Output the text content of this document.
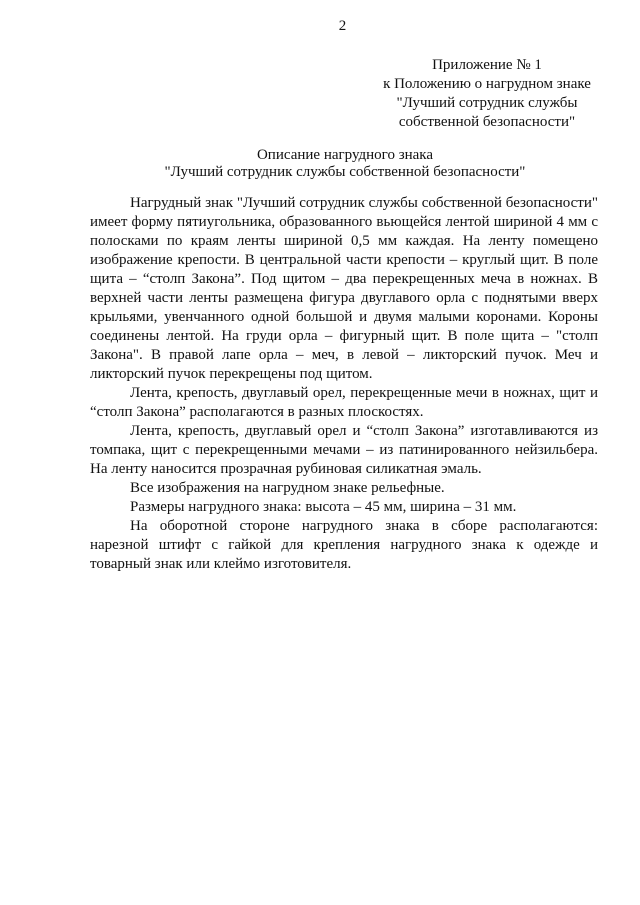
2
Приложение № 1
к Положению о нагрудном знаке
"Лучший сотрудник службы
собственной безопасности"
Описание нагрудного знака
"Лучший сотрудник службы собственной безопасности"

Нагрудный знак "Лучший сотрудник службы собственной безопасности" имеет форму пятиугольника, образованного вьющейся лентой шириной 4 мм с полосками по краям ленты шириной 0,5 мм каждая. На ленту помещено изображение крепости. В центральной части крепости – круглый щит. В поле щита – “столп Закона”. Под щитом – два перекрещенных меча в ножнах. В верхней части ленты размещена фигура двуглавого орла с поднятыми вверх крыльями, увенчанного одной большой и двумя малыми коронами. Короны соединены лентой. На груди орла – фигурный щит. В поле щита – "столп Закона". В правой лапе орла – меч, в левой – ликторский пучок. Меч и ликторский пучок перекрещены под щитом.

Лента, крепость, двуглавый орел, перекрещенные мечи в ножнах, щит и “столп Закона” располагаются в разных плоскостях.

Лента, крепость, двуглавый орел и “столп Закона” изготавливаются из томпака, щит с перекрещенными мечами – из патинированного нейзильбера. На ленту наносится прозрачная рубиновая силикатная эмаль.

Все изображения на нагрудном знаке рельефные.

Размеры нагрудного знака: высота – 45 мм, ширина – 31 мм.

На оборотной стороне нагрудного знака в сборе располагаются: нарезной штифт с гайкой для крепления нагрудного знака к одежде и товарный знак или клеймо изготовителя.
